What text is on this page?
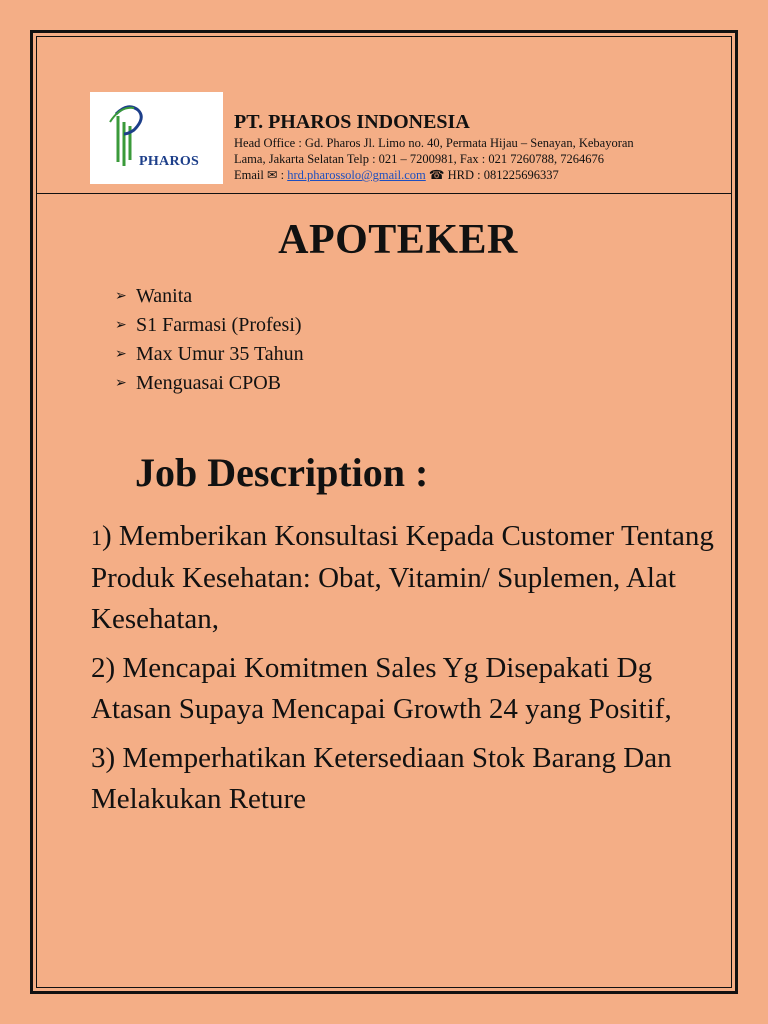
PHAROS
PT. PHAROS INDONESIA
Head Office : Gd. Pharos Jl. Limo no. 40, Permata Hijau – Senayan, Kebayoran
Lama, Jakarta Selatan Telp : 021 – 7200981, Fax : 021 7260788, 7264676
Email ✉ : hrd.pharossolo@gmail.com ☎ HRD : 081225696337
APOTEKER
➢ Wanita
➢ S1 Farmasi (Profesi)
➢ Max Umur 35 Tahun
➢ Menguasai CPOB
Job Description :

1) Memberikan Konsultasi Kepada Customer Tentang Produk Kesehatan: Obat, Vitamin/ Suplemen, Alat Kesehatan,

2) Mencapai Komitmen Sales Yg Disepakati Dg Atasan Supaya Mencapai Growth 24 yang Positif,

3) Memperhatikan Ketersediaan Stok Barang Dan Melakukan Reture
